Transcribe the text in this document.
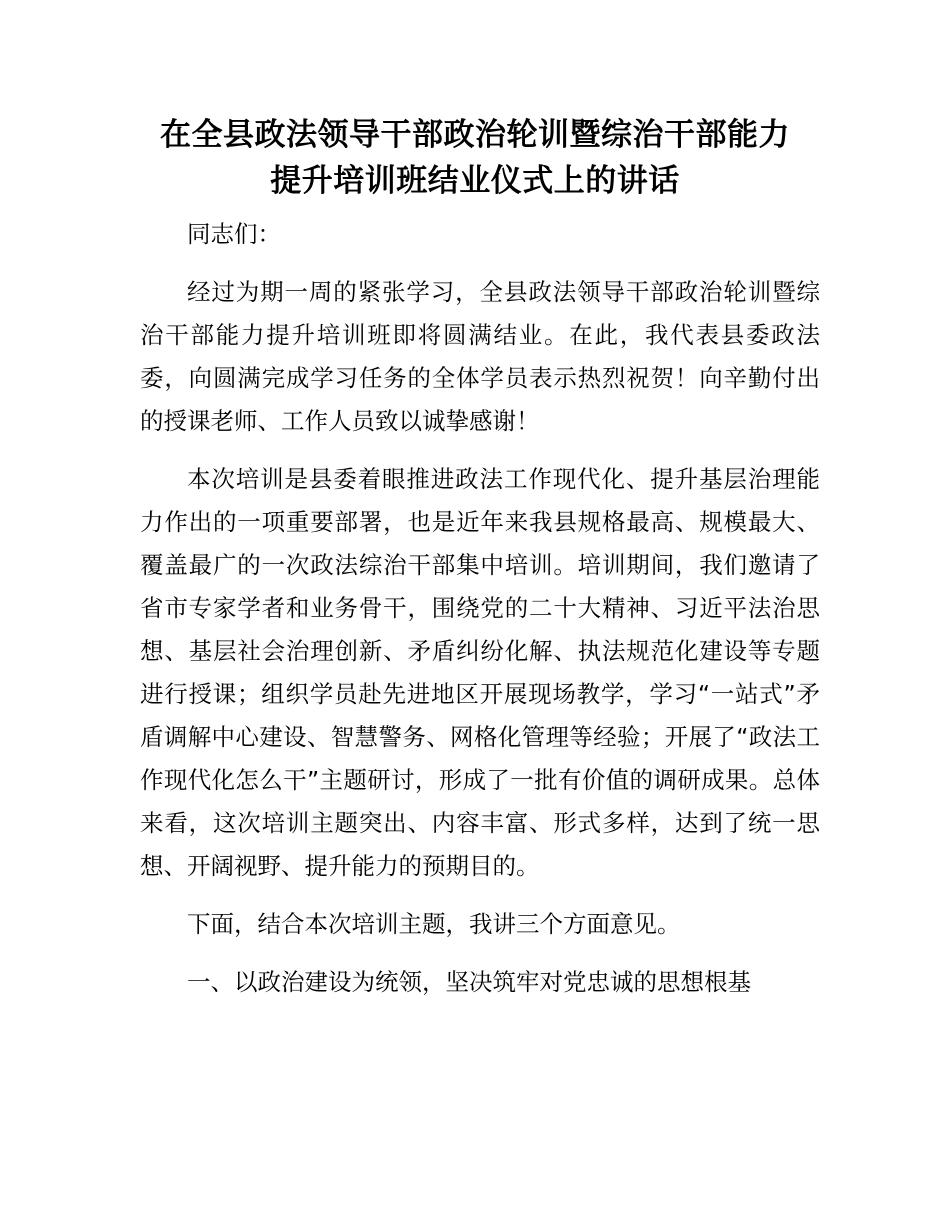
在全县政法领导干部政治轮训暨综治干部能力
提升培训班结业仪式上的讲话

同志们：

经过为期一周的紧张学习，全县政法领导干部政治轮训暨综治干部能力提升培训班即将圆满结业。在此，我代表县委政法委，向圆满完成学习任务的全体学员表示热烈祝贺！向辛勤付出的授课老师、工作人员致以诚挚感谢！

本次培训是县委着眼推进政法工作现代化、提升基层治理能力作出的一项重要部署，也是近年来我县规格最高、规模最大、覆盖最广的一次政法综治干部集中培训。培训期间，我们邀请了省市专家学者和业务骨干，围绕党的二十大精神、习近平法治思想、基层社会治理创新、矛盾纠纷化解、执法规范化建设等专题进行授课；组织学员赴先进地区开展现场教学，学习“一站式”矛盾调解中心建设、智慧警务、网格化管理等经验；开展了“政法工作现代化怎么干”主题研讨，形成了一批有价值的调研成果。总体来看，这次培训主题突出、内容丰富、形式多样，达到了统一思想、开阔视野、提升能力的预期目的。

下面，结合本次培训主题，我讲三个方面意见。

一、以政治建设为统领，坚决筑牢对党忠诚的思想根基
